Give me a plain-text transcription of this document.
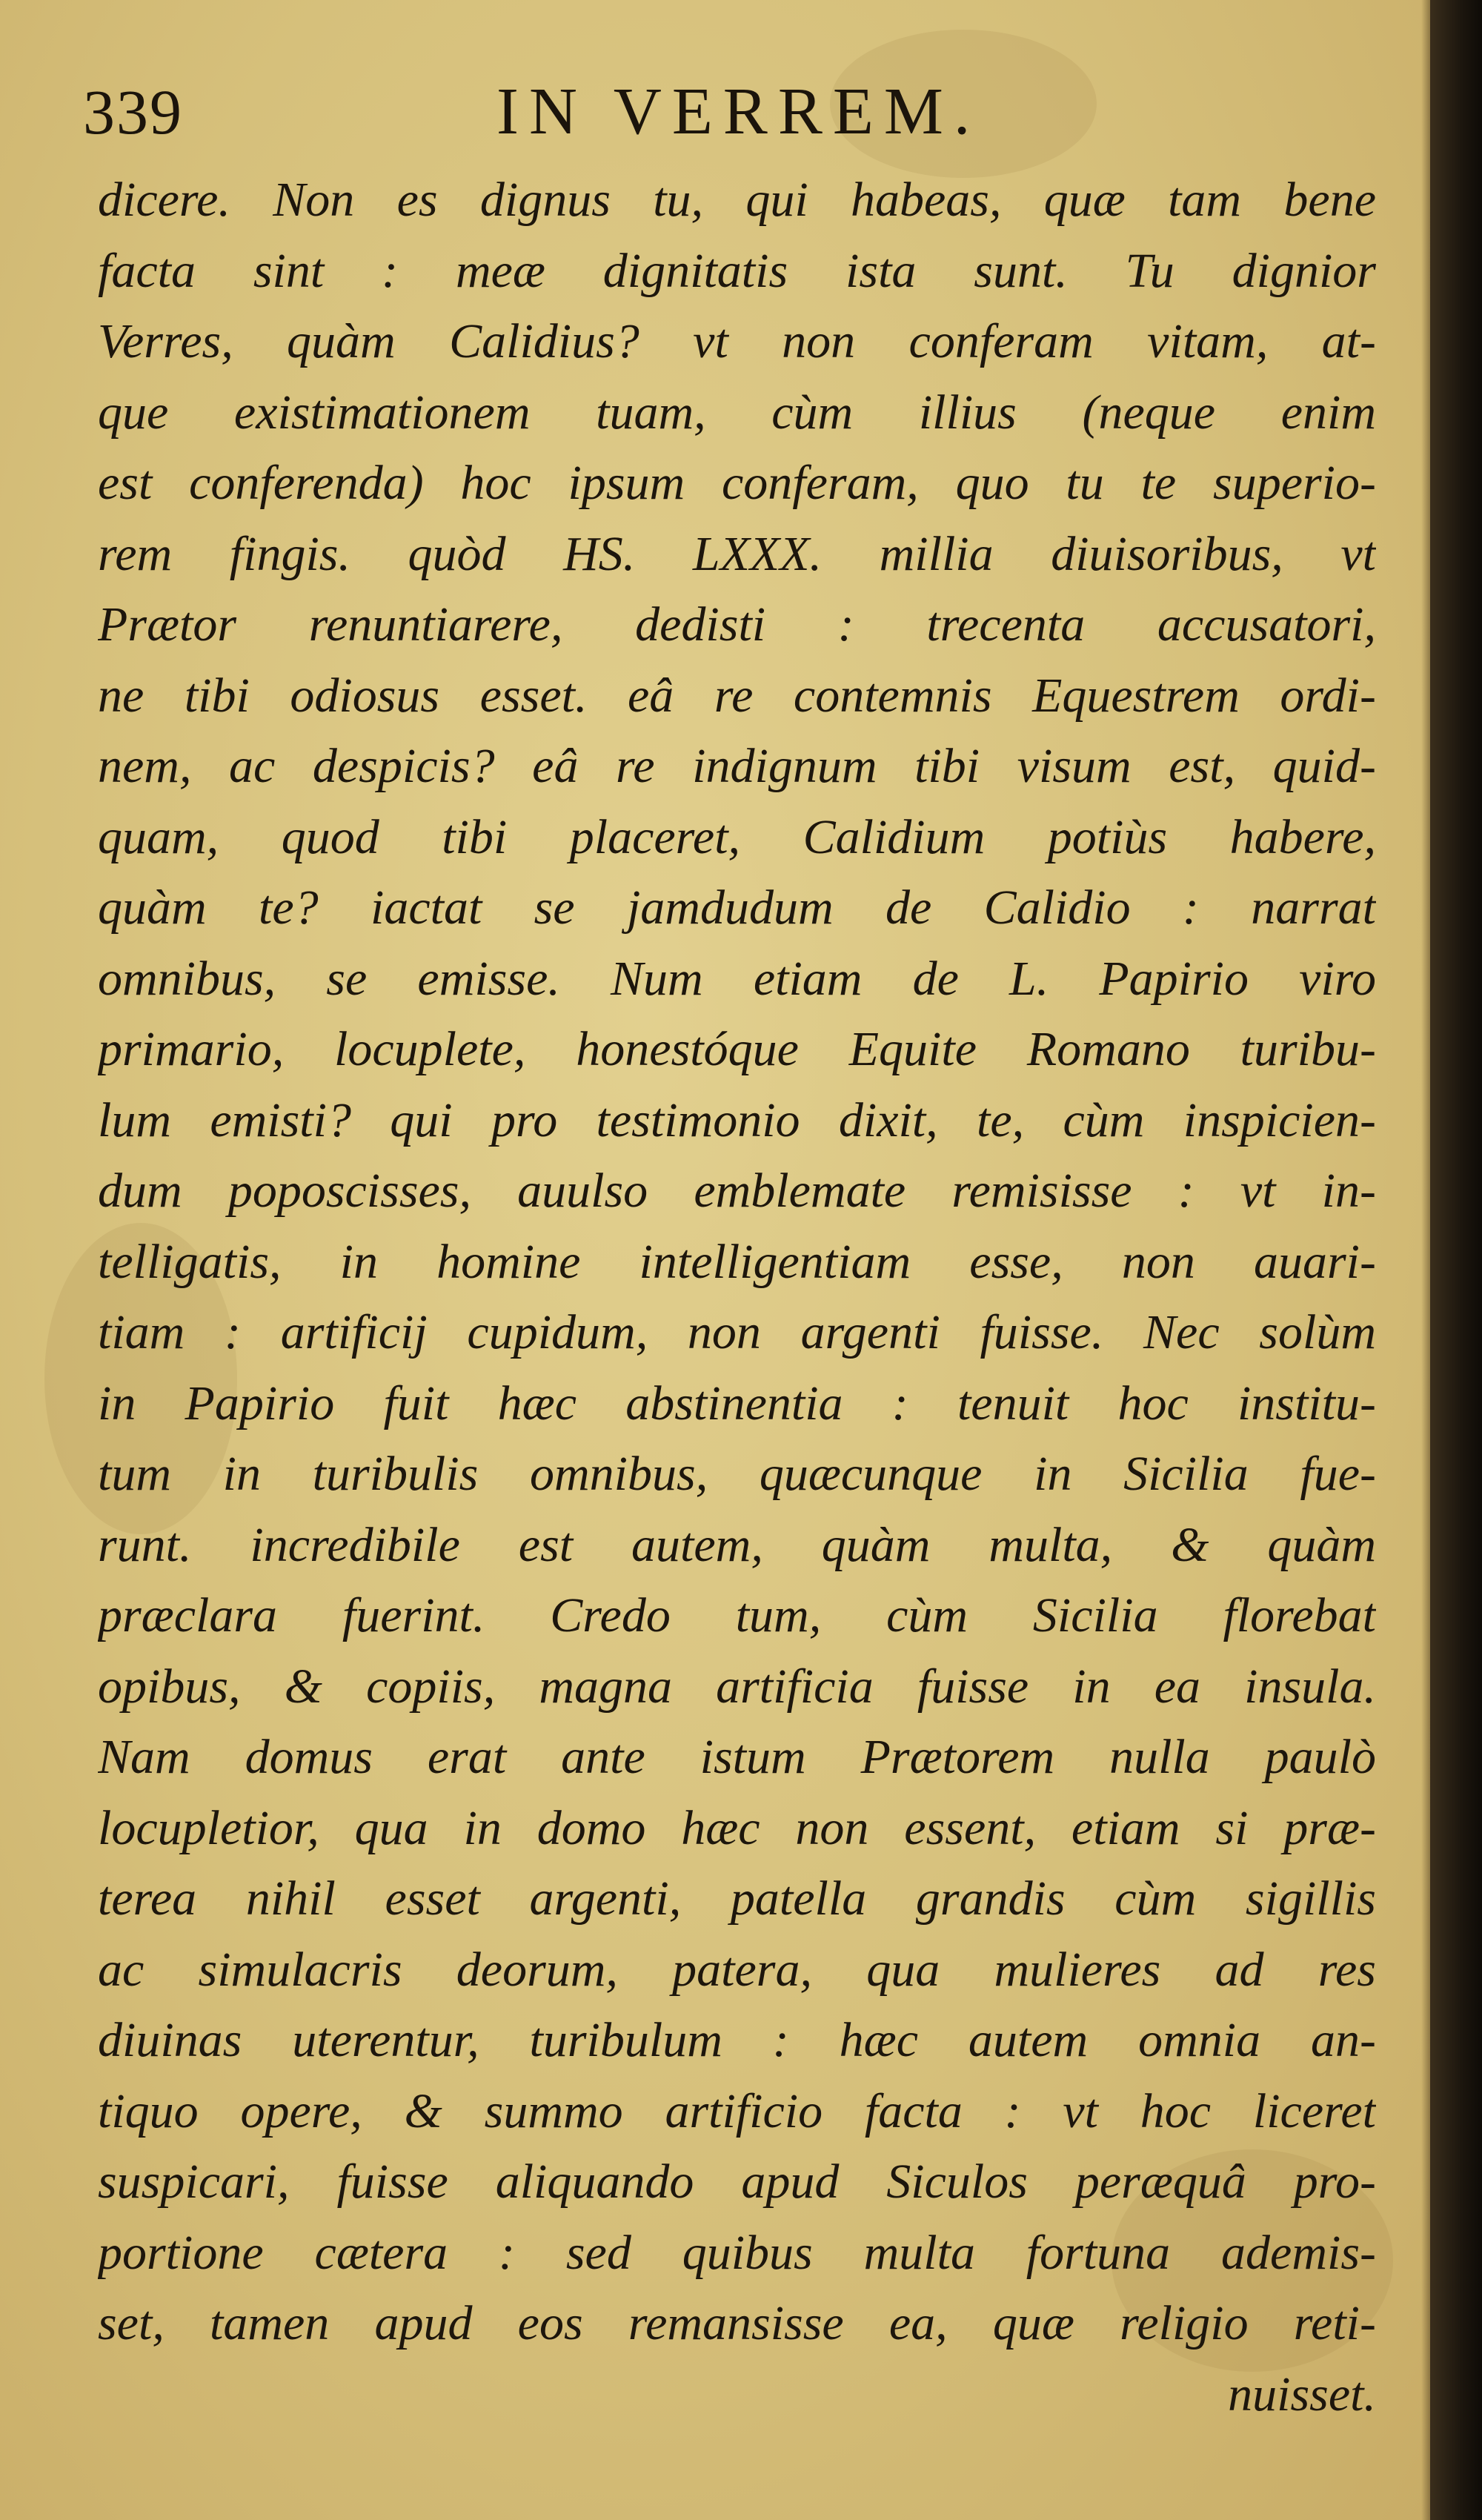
339	IN VERREM.
dicere. Non es dignus tu, qui habeas, quæ tam bene
facta sint : meæ dignitatis ista sunt. Tu dignior
Verres, quàm Calidius? vt non conferam vitam, at-
que existimationem tuam, cùm illius (neque enim
est conferenda) hoc ipsum conferam, quo tu te superio-
rem fingis. quòd HS. LXXX. millia diuisoribus, vt
Prætor renuntiarere, dedisti : trecenta accusatori,
ne tibi odiosus esset. eâ re contemnis Equestrem ordi-
nem, ac despicis? eâ re indignum tibi visum est, quid-
quam, quod tibi placeret, Calidium potiùs habere,
quàm te? iactat se jamdudum de Calidio : narrat
omnibus, se emisse. Num etiam de L. Papirio viro
primario, locuplete, honestóque Equite Romano turibu-
lum emisti? qui pro testimonio dixit, te, cùm inspicien-
dum poposcisses, auulso emblemate remisisse : vt in-
telligatis, in homine intelligentiam esse, non auari-
tiam : artificij cupidum, non argenti fuisse. Nec solùm
in Papirio fuit hæc abstinentia : tenuit hoc institu-
tum in turibulis omnibus, quæcunque in Sicilia fue-
runt. incredibile est autem, quàm multa, & quàm
præclara fuerint. Credo tum, cùm Sicilia florebat
opibus, & copiis, magna artificia fuisse in ea insula.
Nam domus erat ante istum Prætorem nulla paulò
locupletior, qua in domo hæc non essent, etiam si præ-
terea nihil esset argenti, patella grandis cùm sigillis
ac simulacris deorum, patera, qua mulieres ad res
diuinas uterentur, turibulum : hæc autem omnia an-
tiquo opere, & summo artificio facta : vt hoc liceret
suspicari, fuisse aliquando apud Siculos peræquâ pro-
portione cætera : sed quibus multa fortuna ademis-
set, tamen apud eos remansisse ea, quæ religio reti-
nuisset.
